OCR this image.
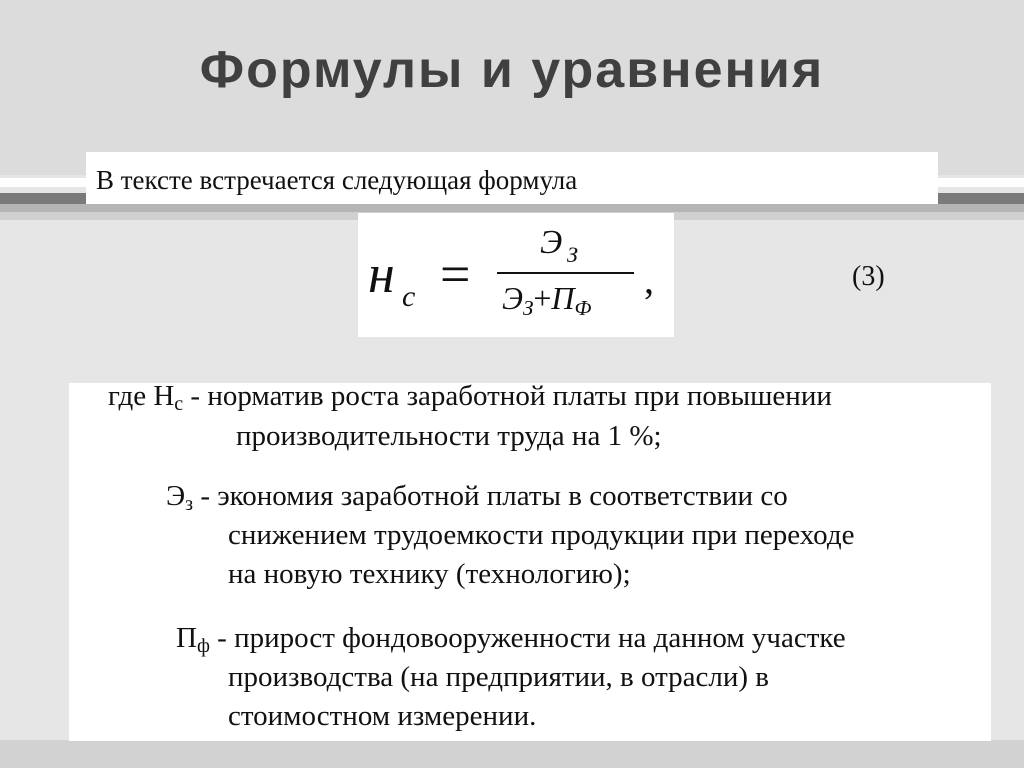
Формулы и уравнения
В тексте встречается следующая формула
н с =
Э З
$Э_З+П_Ф$
,	(3)
где $Н_с$ - норматив роста заработной платы при повышении
производительности труда на 1 %;
$Э_з$ - экономия заработной платы в соответствии со
снижением трудоемкости продукции при переходе
на новую технику (технологию);
$П_ф$ - прирост фондовооруженности на данном участке
производства (на предприятии, в отрасли) в
стоимостном измерении.
